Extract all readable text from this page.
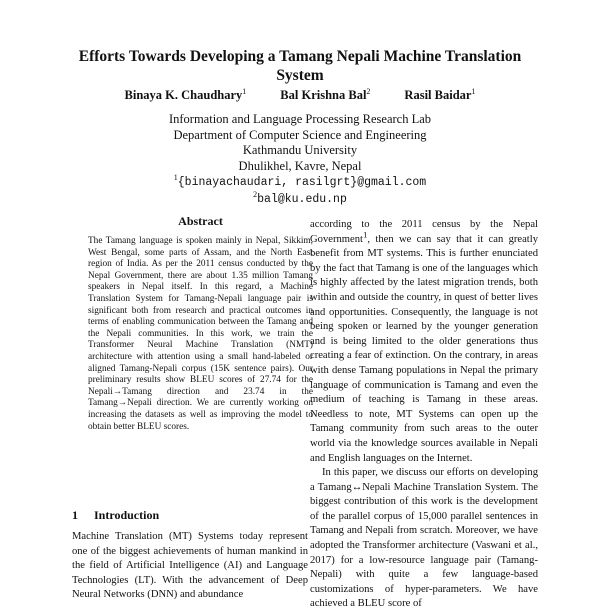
Efforts Towards Developing a Tamang Nepali Machine Translation System
Binaya K. Chaudhary$^1$	Bal Krishna Bal$^2$	Rasil Baidar$^1$
Information and Language Processing Research Lab
Department of Computer Science and Engineering
Kathmandu University
Dhulikhel, Kavre, Nepal
$^1${binayachaudari, rasilgrt}@gmail.com
$^2$bal@ku.edu.np
Abstract
The Tamang language is spoken mainly in Nepal, Sikkim, West Bengal, some parts of Assam, and the North East region of India. As per the 2011 census conducted by the Nepal Government, there are about 1.35 million Tamang speakers in Nepal itself. In this regard, a Machine Translation System for Tamang-Nepali language pair is significant both from research and practical outcomes in terms of enabling communication between the Tamang and the Nepali communities. In this work, we train the Transformer Neural Machine Translation (NMT) architecture with attention using a small hand-labeled or aligned Tamang-Nepali corpus (15K sentence pairs). Our preliminary results show BLEU scores of 27.74 for the Nepali→Tamang direction and 23.74 in the Tamang→Nepali direction. We are currently working on increasing the datasets as well as improving the model to obtain better BLEU scores.
1 Introduction

Machine Translation (MT) Systems today represent one of the biggest achievements of human mankind in the field of Artificial Intelligence (AI) and Language Technologies (LT). With the advancement of Deep Neural Networks (DNN) and abundance

according to the 2011 census by the Nepal Government$^1$, then we can say that it can greatly benefit from MT systems. This is further enunciated by the fact that Tamang is one of the languages which is highly affected by the latest migration trends, both within and outside the country, in quest of better lives and opportunities. Consequently, the language is not being spoken or learned by the younger generation and is being limited to the older generations thus creating a fear of extinction. On the contrary, in areas with dense Tamang populations in Nepal the primary language of communication is Tamang and even the medium of teaching is Tamang in these areas. Needless to note, MT Systems can open up the Tamang community from such areas to the outer world via the knowledge sources available in Nepali and English languages on the Internet.

In this paper, we discuss our efforts on developing a Tamang↔Nepali Machine Translation System. The biggest contribution of this work is the development of the parallel corpus of 15,000 parallel sentences in Tamang and Nepali from scratch. Moreover, we have adopted the Transformer architecture (Vaswani et al., 2017) for a low-resource language pair (Tamang-Nepali) with quite a few language-based customizations of hyper-parameters. We have achieved a BLEU score of
